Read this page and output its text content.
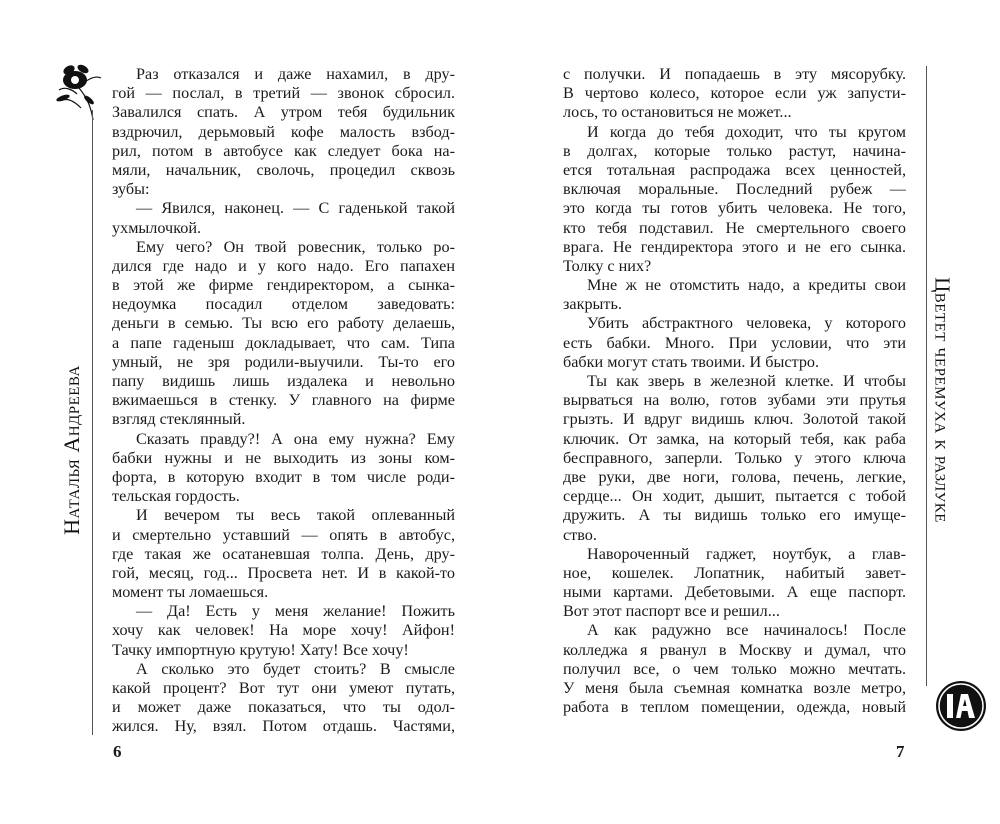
Наталья Андреева
Раз отказался и даже нахамил, в дру-
гой — послал, в третий — звонок сбросил.
Завалился спать. А утром тебя будильник
вздрючил, дерьмовый кофе малость взбод-
рил, потом в автобусе как следует бока на-
мяли, начальник, сволочь, процедил сквозь
зубы:
— Явился, наконец. — С гаденькой такой
ухмылочкой.
Ему чего? Он твой ровесник, только ро-
дился где надо и у кого надо. Его папахен
в этой же фирме гендиректором, а сынка-
недоумка посадил отделом заведовать:
деньги в семью. Ты всю его работу делаешь,
а папе гаденыш докладывает, что сам. Типа
умный, не зря родили-выучили. Ты-то его
папу видишь лишь издалека и невольно
вжимаешься в стенку. У главного на фирме
взгляд стеклянный.
Сказать правду?! А она ему нужна? Ему
бабки нужны и не выходить из зоны ком-
форта, в которую входит в том числе роди-
тельская гордость.
И вечером ты весь такой оплеванный
и смертельно уставший — опять в автобус,
где такая же осатаневшая толпа. День, дру-
гой, месяц, год... Просвета нет. И в какой-то
момент ты ломаешься.
— Да! Есть у меня желание! Пожить
хочу как человек! На море хочу! Айфон!
Тачку импортную крутую! Хату! Все хочу!
А сколько это будет стоить? В смысле
какой процент? Вот тут они умеют путать,
и может даже показаться, что ты одол-
жился. Ну, взял. Потом отдашь. Частями,
6
с получки. И попадаешь в эту мясорубку.
В чертово колесо, которое если уж запусти-
лось, то остановиться не может...
И когда до тебя доходит, что ты кругом
в долгах, которые только растут, начина-
ется тотальная распродажа всех ценностей,
включая моральные. Последний рубеж —
это когда ты готов убить человека. Не того,
кто тебя подставил. Не смертельного своего
врага. Не гендиректора этого и не его сынка.
Толку с них?
Мне ж не отомстить надо, а кредиты свои
закрыть.
Убить абстрактного человека, у которого
есть бабки. Много. При условии, что эти
бабки могут стать твоими. И быстро.
Ты как зверь в железной клетке. И чтобы
вырваться на волю, готов зубами эти прутья
грызть. И вдруг видишь ключ. Золотой такой
ключик. От замка, на который тебя, как раба
бесправного, заперли. Только у этого ключа
две руки, две ноги, голова, печень, легкие,
сердце... Он ходит, дышит, пытается с тобой
дружить. А ты видишь только его имуще-
ство.
Навороченный гаджет, ноутбук, а глав-
ное, кошелек. Лопатник, набитый завет-
ными картами. Дебетовыми. А еще паспорт.
Вот этот паспорт все и решил...
А как радужно все начиналось! После
колледжа я рванул в Москву и думал, что
получил все, о чем только можно мечтать.
У меня была съемная комнатка возле метро,
работа в теплом помещении, одежда, новый
Цветет черемуха к разлуке
7
